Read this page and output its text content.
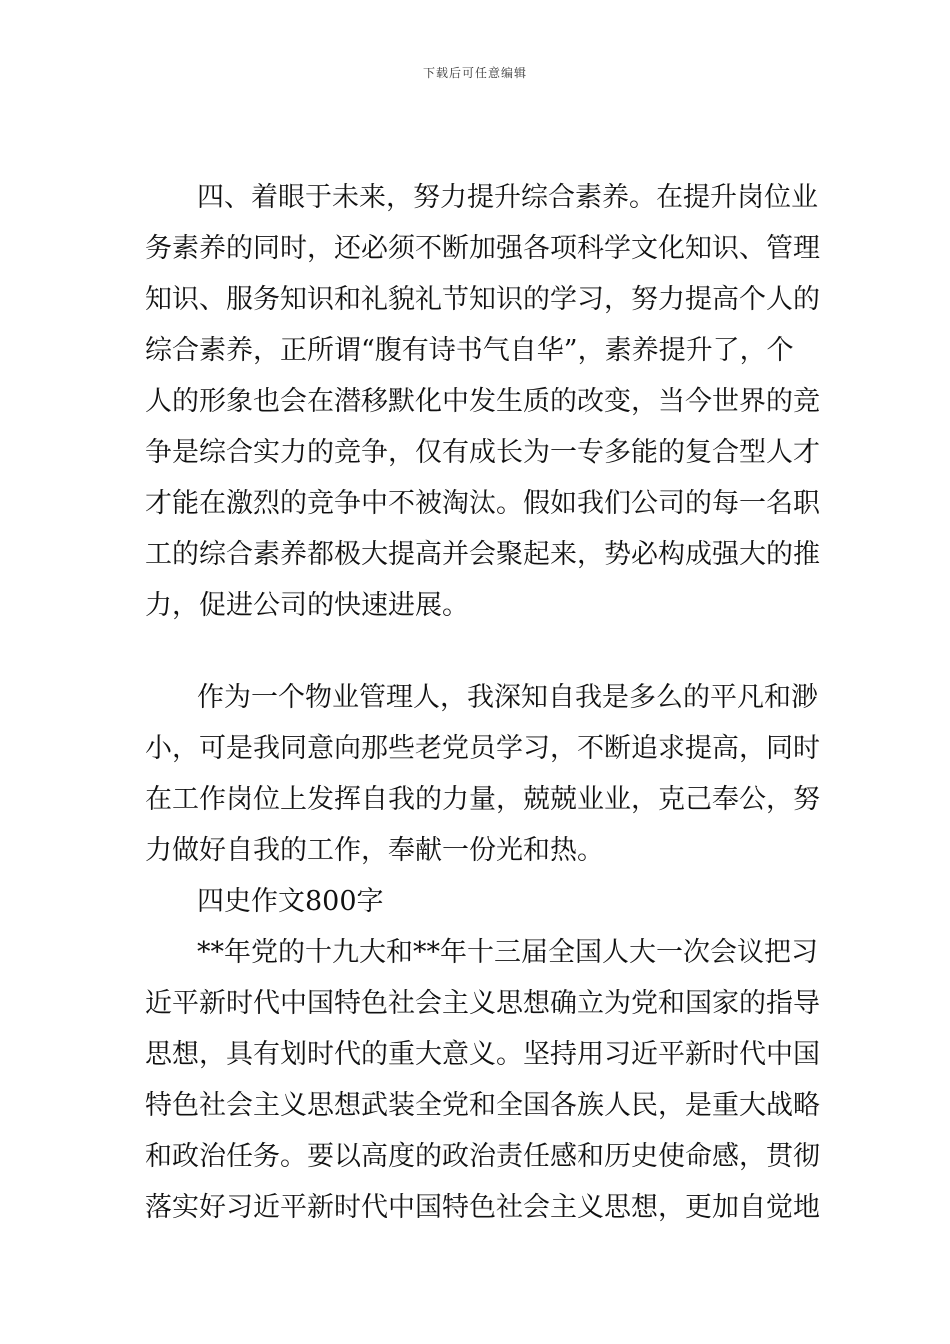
下载后可任意编辑
四、着眼于未来，努力提升综合素养。在提升岗位业
务素养的同时，还必须不断加强各项科学文化知识、管理
知识、服务知识和礼貌礼节知识的学习，努力提高个人的
综合素养，正所谓“腹有诗书气自华”，素养提升了，个
人的形象也会在潜移默化中发生质的改变，当今世界的竞
争是综合实力的竞争，仅有成长为一专多能的复合型人才
才能在激烈的竞争中不被淘汰。假如我们公司的每一名职
工的综合素养都极大提高并会聚起来，势必构成强大的推
力，促进公司的快速进展。
作为一个物业管理人，我深知自我是多么的平凡和渺
小，可是我同意向那些老党员学习，不断追求提高，同时
在工作岗位上发挥自我的力量，兢兢业业，克己奉公，努
力做好自我的工作，奉献一份光和热。
四史作文800字
**年党的十九大和**年十三届全国人大一次会议把习
近平新时代中国特色社会主义思想确立为党和国家的指导
思想，具有划时代的重大意义。坚持用习近平新时代中国
特色社会主义思想武装全党和全国各族人民，是重大战略
和政治任务。要以高度的政治责任感和历史使命感，贯彻
落实好习近平新时代中国特色社会主义思想，更加自觉地
